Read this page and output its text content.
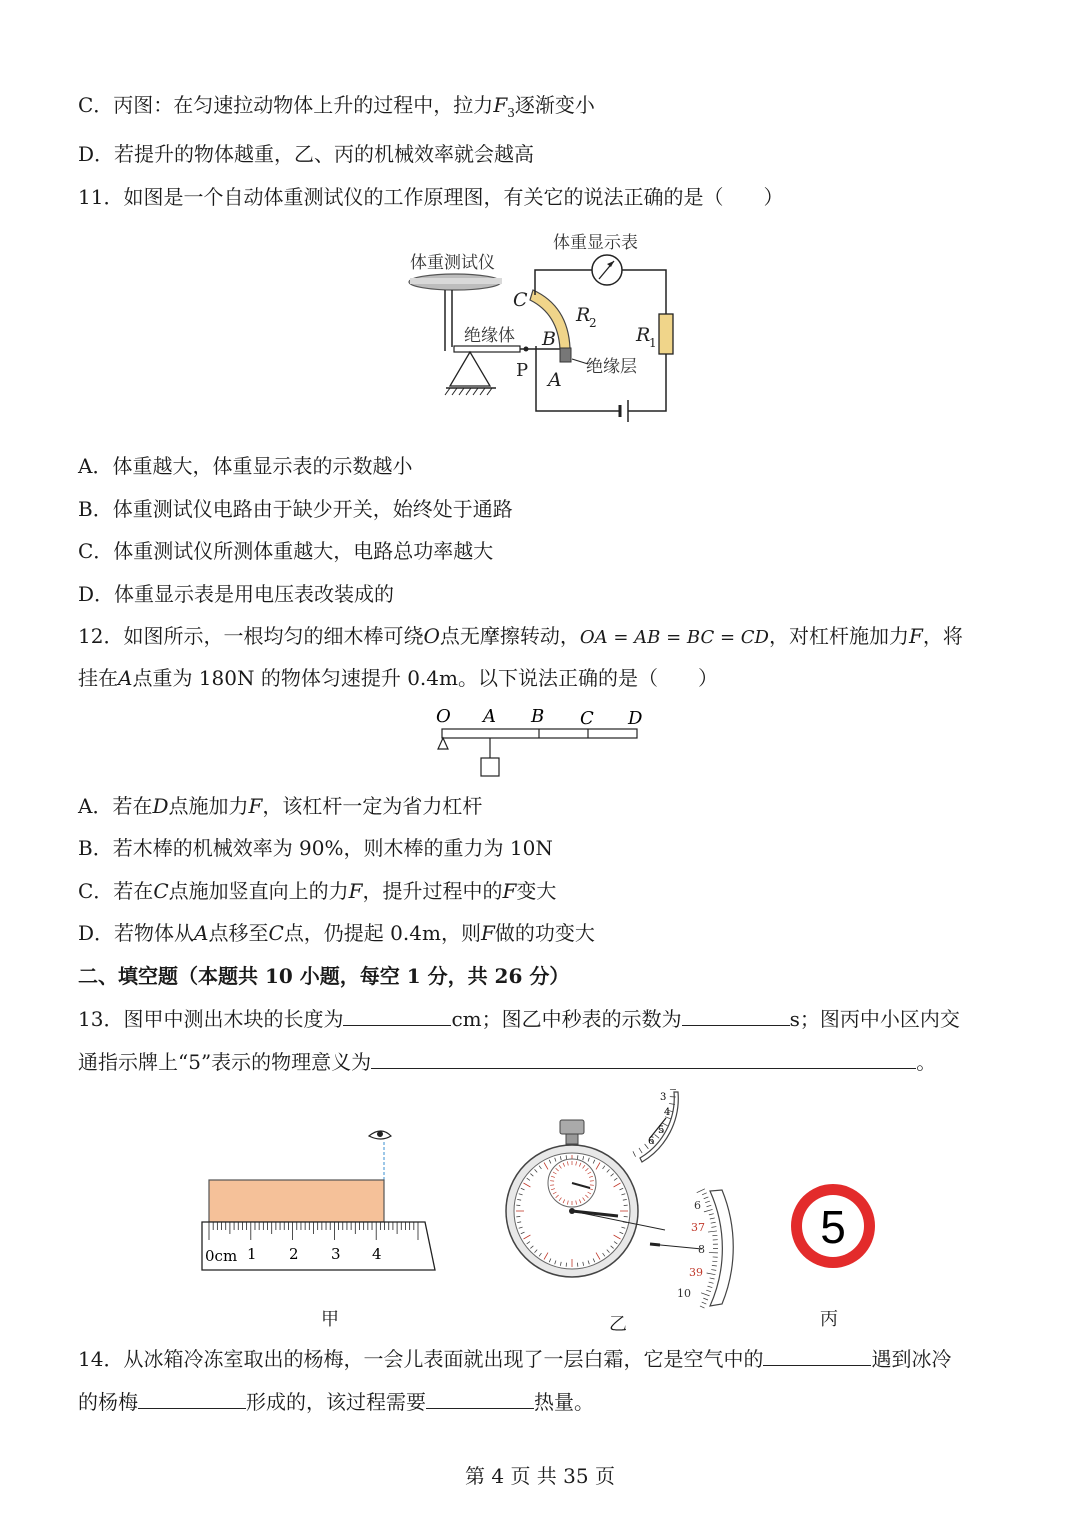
C．丙图：在匀速拉动物体上升的过程中，拉力$F_3$逐渐变小
D．若提升的物体越重，乙、丙的机械效率就会越高
11．如图是一个自动体重测试仪的工作原理图，有关它的说法正确的是（　　）
体重测试仪
体重显示表
绝缘体
绝缘层
C
B
A
P
R
2
R
1
A．体重越大，体重显示表的示数越小
B．体重测试仪电路由于缺少开关，始终处于通路
C．体重测试仪所测体重越大，电路总功率越大
D．体重显示表是用电压表改装成的
12．如图所示，一根均匀的细木棒可绕O点无摩擦转动，OA = AB = BC = CD，对杠杆施加力F，将
挂在A点重为 180N 的物体匀速提升 0.4m。以下说法正确的是（　　）
O A B C D
A．若在D点施加力F，该杠杆一定为省力杠杆
B．若木棒的机械效率为 90%，则木棒的重力为 10N
C．若在C点施加竖直向上的力F，提升过程中的F变大
D．若物体从A点移至C点，仍提起 0.4m，则F做的功变大
二、填空题（本题共 10 小题，每空 1 分，共 26 分）
13．图甲中测出木块的长度为	cm；图乙中秒表的示数为	s；图丙中小区内交
通指示牌上“5”表示的物理意义为	。
0cm 1 2 3 4
3
4
5
6
6
37
8
39
10
5
甲	乙	丙
14．从冰箱冷冻室取出的杨梅，一会儿表面就出现了一层白霜，它是空气中的	遇到冰冷
的杨梅	形成的，该过程需要	热量。
第 4 页 共 35 页
